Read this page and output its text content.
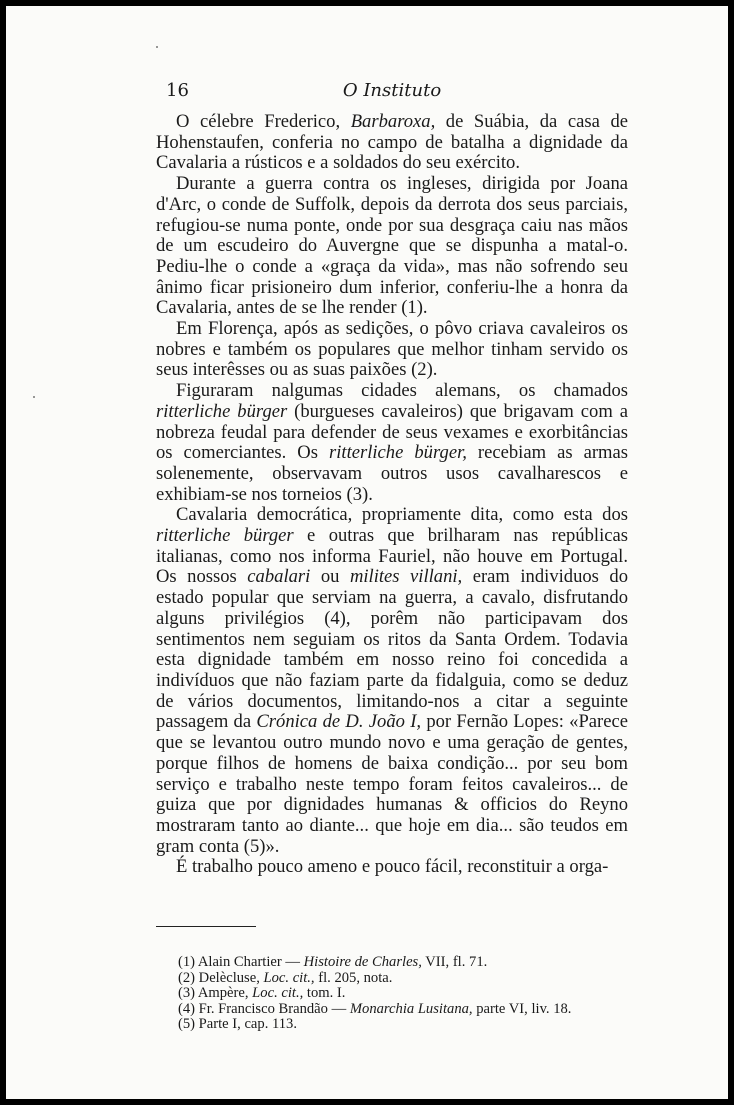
16	O Instituto

O célebre Frederico, Barbaroxa, de Suábia, da casa de Hohenstaufen, conferia no campo de batalha a dignidade da Cavalaria a rústicos e a soldados do seu exército.

Durante a guerra contra os ingleses, dirigida por Joana d'Arc, o conde de Suffolk, depois da derrota dos seus parciais, refugiou-se numa ponte, onde por sua desgraça caiu nas mãos de um escudeiro do Auvergne que se dispunha a matal-o. Pediu-lhe o conde a «graça da vida», mas não sofrendo seu ânimo ficar prisioneiro dum inferior, conferiu-lhe a honra da Cavalaria, antes de se lhe render (1).

Em Florença, após as sedições, o pôvo criava cavaleiros os nobres e também os populares que melhor tinham servido os seus interêsses ou as suas paixões (2).

Figuraram nalgumas cidades alemans, os chamados ritterliche bürger (burgueses cavaleiros) que brigavam com a nobreza feudal para defender de seus vexames e exorbitâncias os comerciantes. Os ritterliche bürger, recebiam as armas solenemente, observavam outros usos cavalharescos e exhibiam-se nos torneios (3).

Cavalaria democrática, propriamente dita, como esta dos ritterliche bürger e outras que brilharam nas repúblicas italianas, como nos informa Fauriel, não houve em Portugal. Os nossos cabalari ou milites villani, eram individuos do estado popular que serviam na guerra, a cavalo, disfrutando alguns privilégios (4), porêm não participavam dos sentimentos nem seguiam os ritos da Santa Ordem. Todavia esta dignidade também em nosso reino foi concedida a indivíduos que não faziam parte da fidalguia, como se deduz de vários documentos, limitando-nos a citar a seguinte passagem da Crónica de D. João I, por Fernão Lopes: «Parece que se levantou outro mundo novo e uma geração de gentes, porque filhos de homens de baixa condição... por seu bom serviço e trabalho neste tempo foram feitos cavaleiros... de guiza que por dignidades humanas & officios do Reyno mostraram tanto ao diante... que hoje em dia... são teudos em gram conta (5)».

É trabalho pouco ameno e pouco fácil, reconstituir a orga-

(1) Alain Chartier — Histoire de Charles, VII, fl. 71.
(2) Delècluse, Loc. cit., fl. 205, nota.
(3) Ampère, Loc. cit., tom. I.
(4) Fr. Francisco Brandão — Monarchia Lusitana, parte VI, liv. 18.
(5) Parte I, cap. 113.
